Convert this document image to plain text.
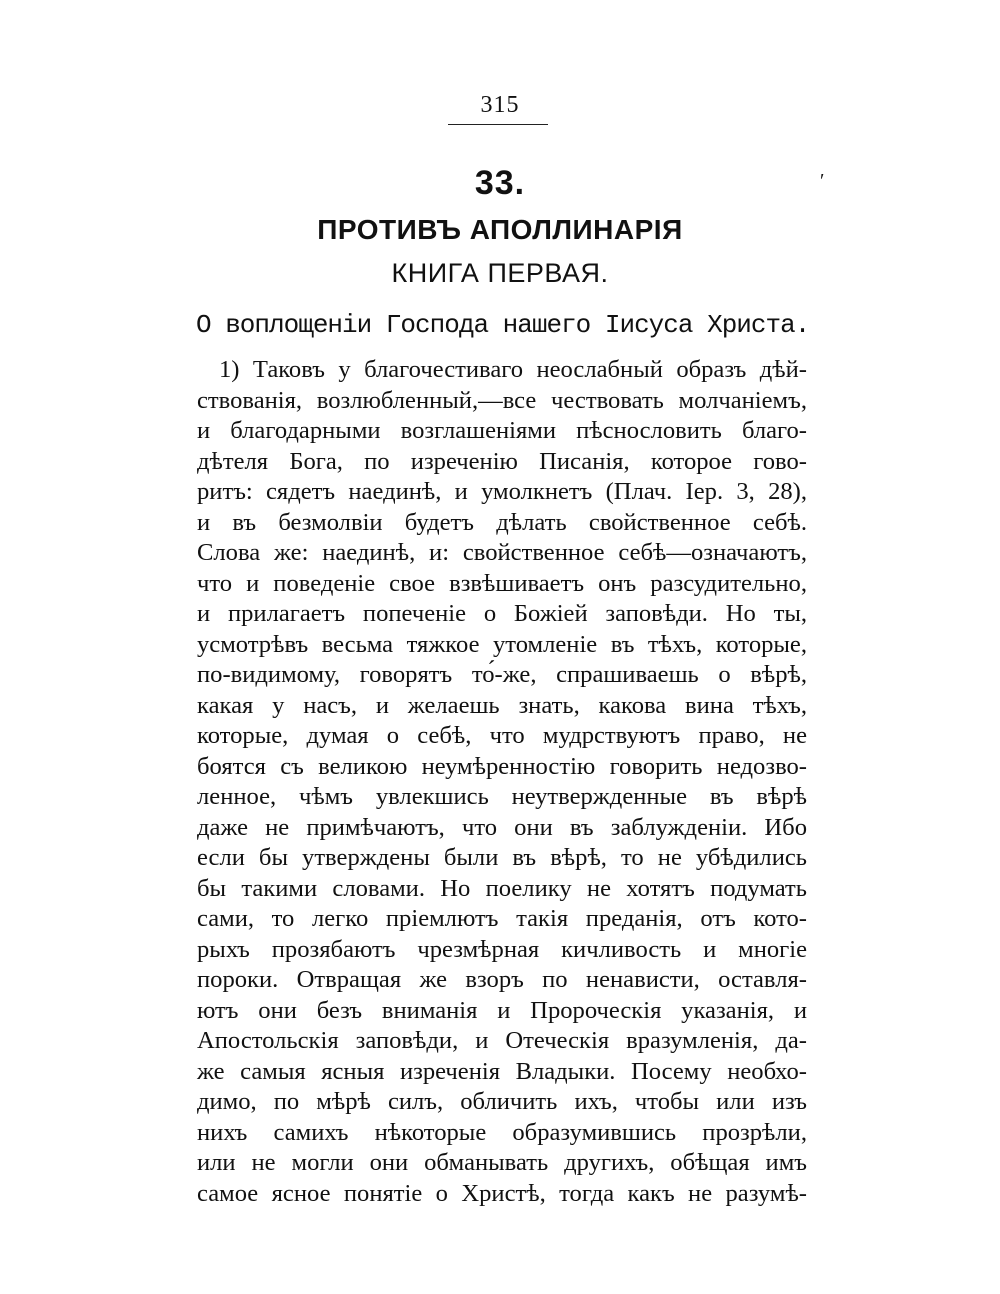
315
33.	′
ПРОТИВЪ АПОЛЛИНАРІЯ
КНИГА ПЕРВАЯ.
О воплощеніи Господа нашего Іисуса Христа.
1) Таковъ у благочестиваго неослабный образъ дѣй-
ствованія, возлюбленный,—все чествовать молчаніемъ,
и благодарными возглашеніями пѣснословить благо-
дѣтеля Бога, по изреченію Писанія, которое гово-
ритъ: сядетъ наединѣ, и умолкнетъ (Плач. Іер. 3, 28),
и въ безмолвіи будетъ дѣлать свойственное себѣ.
Слова же: наединѣ, и: свойственное себѣ—означаютъ,
что и поведеніе свое взвѣшиваетъ онъ разсудительно,
и прилагаетъ попеченіе о Божіей заповѣди. Но ты,
усмотрѣвъ весьма тяжкое утомленіе въ тѣхъ, которые,
по-видимому, говорятъ то́-же, спрашиваешь о вѣрѣ,
какая у насъ, и желаешь знать, какова вина тѣхъ,
которые, думая о себѣ, что мудрствуютъ право, не
боятся съ великою неумѣренностію говорить недозво-
ленное, чѣмъ увлекшись неутвержденные въ вѣрѣ
даже не примѣчаютъ, что они въ заблужденіи. Ибо
если бы утверждены были въ вѣрѣ, то не убѣдились
бы такими словами. Но поелику не хотятъ подумать
сами, то легко пріемлютъ такія преданія, отъ кото-
рыхъ прозябаютъ чрезмѣрная кичливость и многіе
пороки. Отвращая же взоръ по ненависти, оставля-
ютъ они безъ вниманія и Пророческія указанія, и
Апостольскія заповѣди, и Отеческія вразумленія, да-
же самыя ясныя изреченія Владыки. Посему необхо-
димо, по мѣрѣ силъ, обличить ихъ, чтобы или изъ
нихъ самихъ нѣкоторые образумившись прозрѣли,
или не могли они обманывать другихъ, обѣщая имъ
самое ясное понятіе о Христѣ, тогда какъ не разумѣ-
